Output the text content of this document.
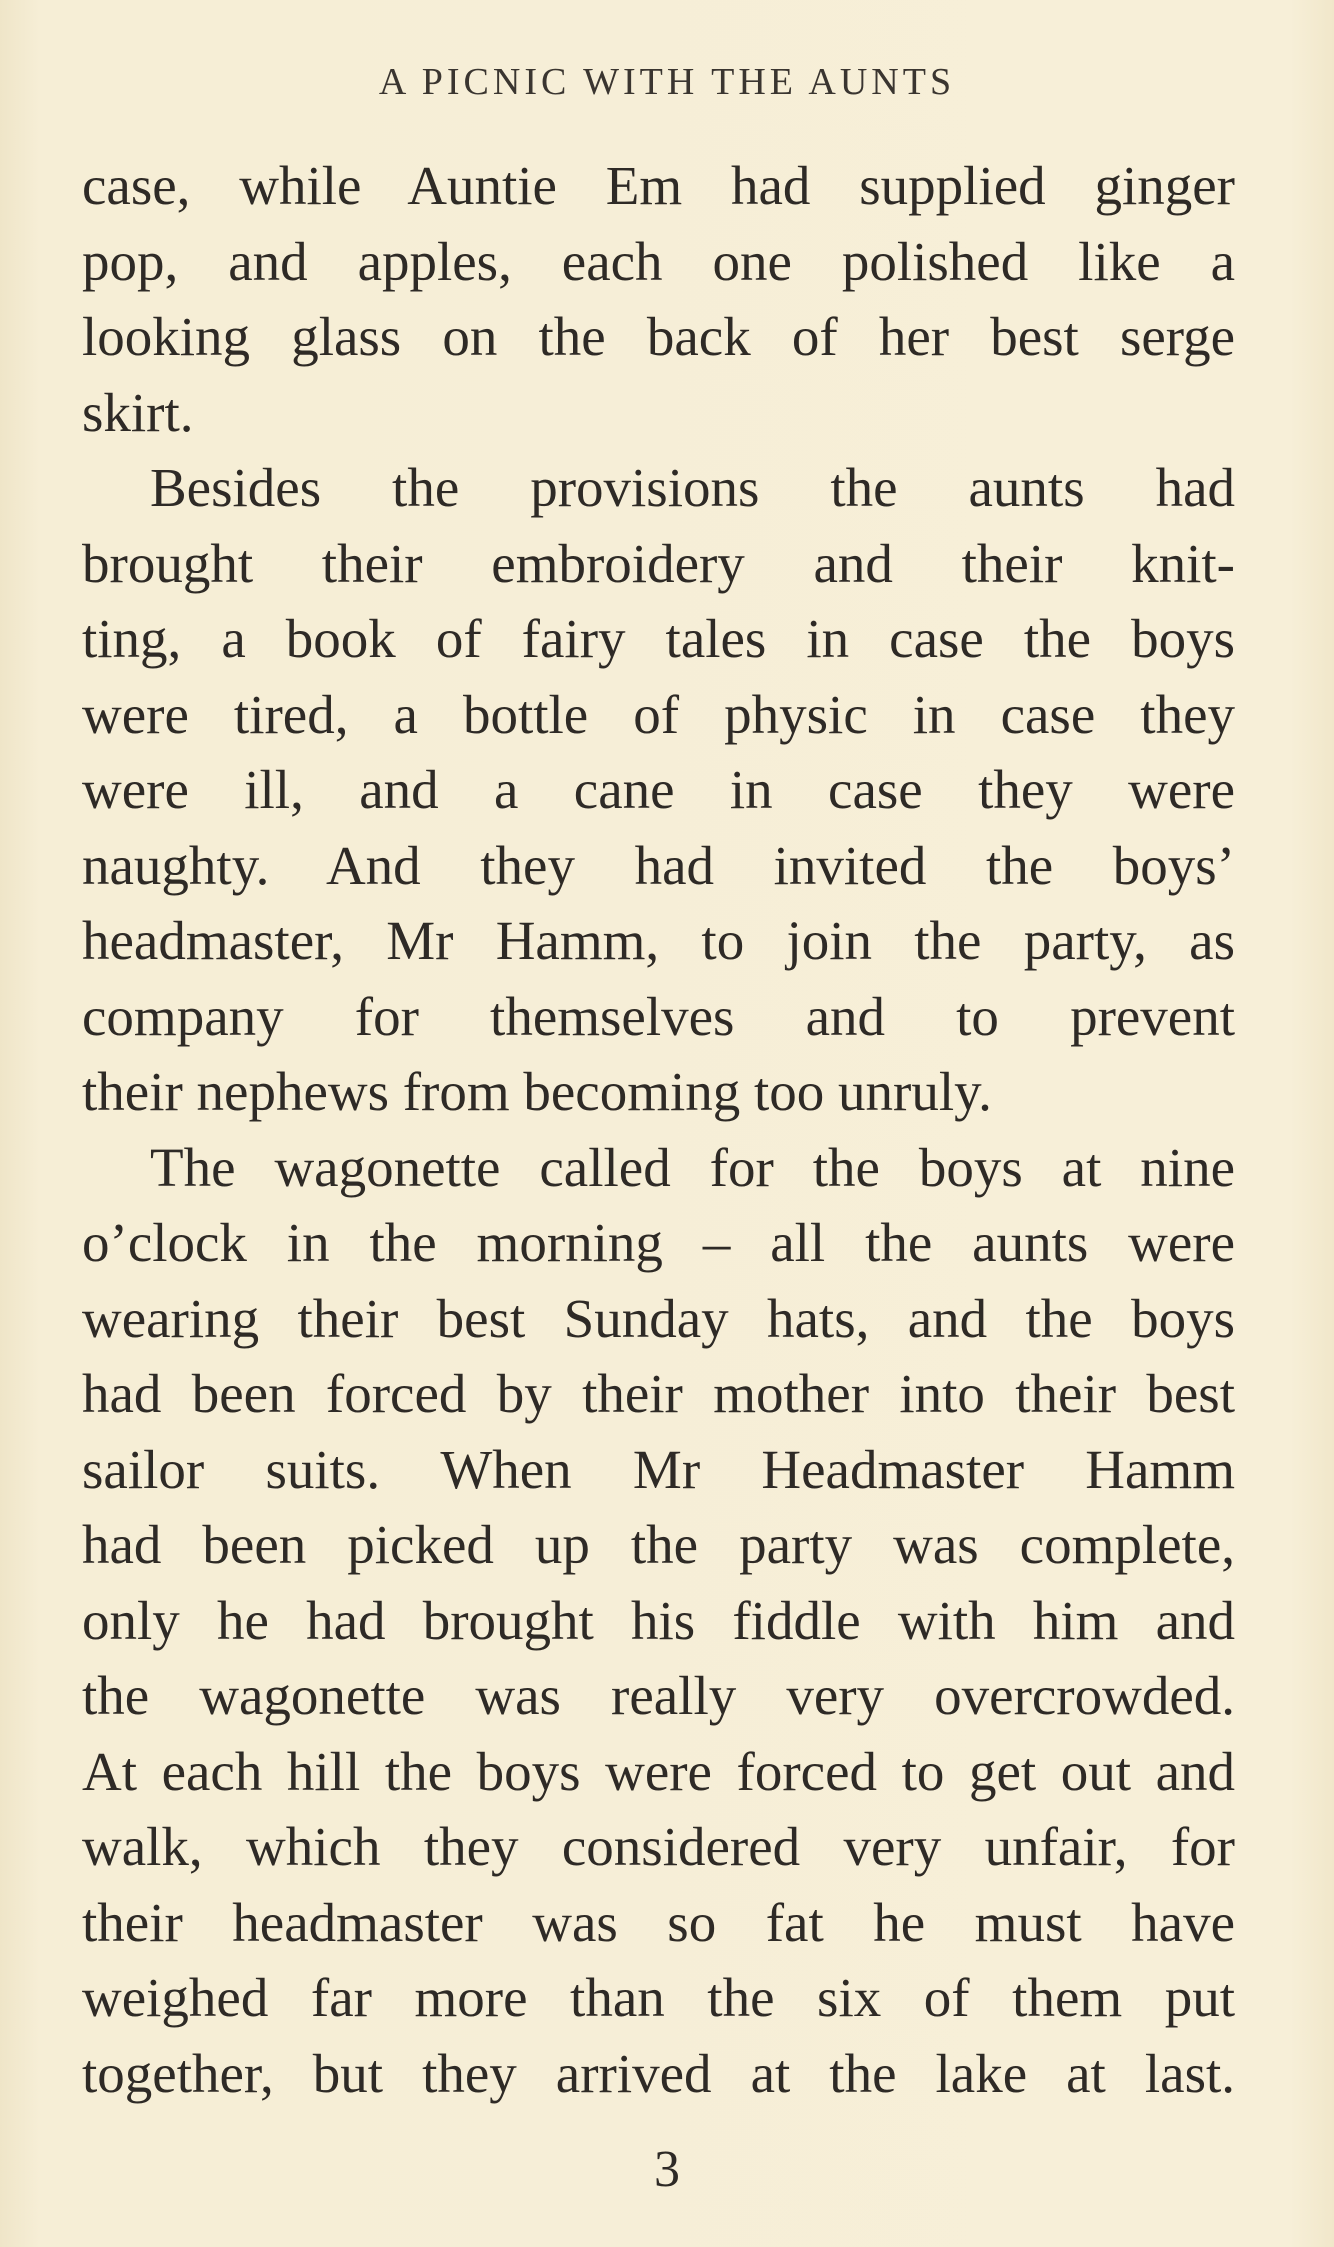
A PICNIC WITH THE AUNTS
case, while Auntie Em had supplied ginger
pop, and apples, each one polished like a
looking glass on the back of her best serge
skirt.
Besides the provisions the aunts had
brought their embroidery and their knit-
ting, a book of fairy tales in case the boys
were tired, a bottle of physic in case they
were ill, and a cane in case they were
naughty. And they had invited the boys’
headmaster, Mr Hamm, to join the party, as
company for themselves and to prevent
their nephews from becoming too unruly.
The wagonette called for the boys at nine
o’clock in the morning – all the aunts were
wearing their best Sunday hats, and the boys
had been forced by their mother into their best
sailor suits. When Mr Headmaster Hamm
had been picked up the party was complete,
only he had brought his fiddle with him and
the wagonette was really very overcrowded.
At each hill the boys were forced to get out and
walk, which they considered very unfair, for
their headmaster was so fat he must have
weighed far more than the six of them put
together, but they arrived at the lake at last.
3
